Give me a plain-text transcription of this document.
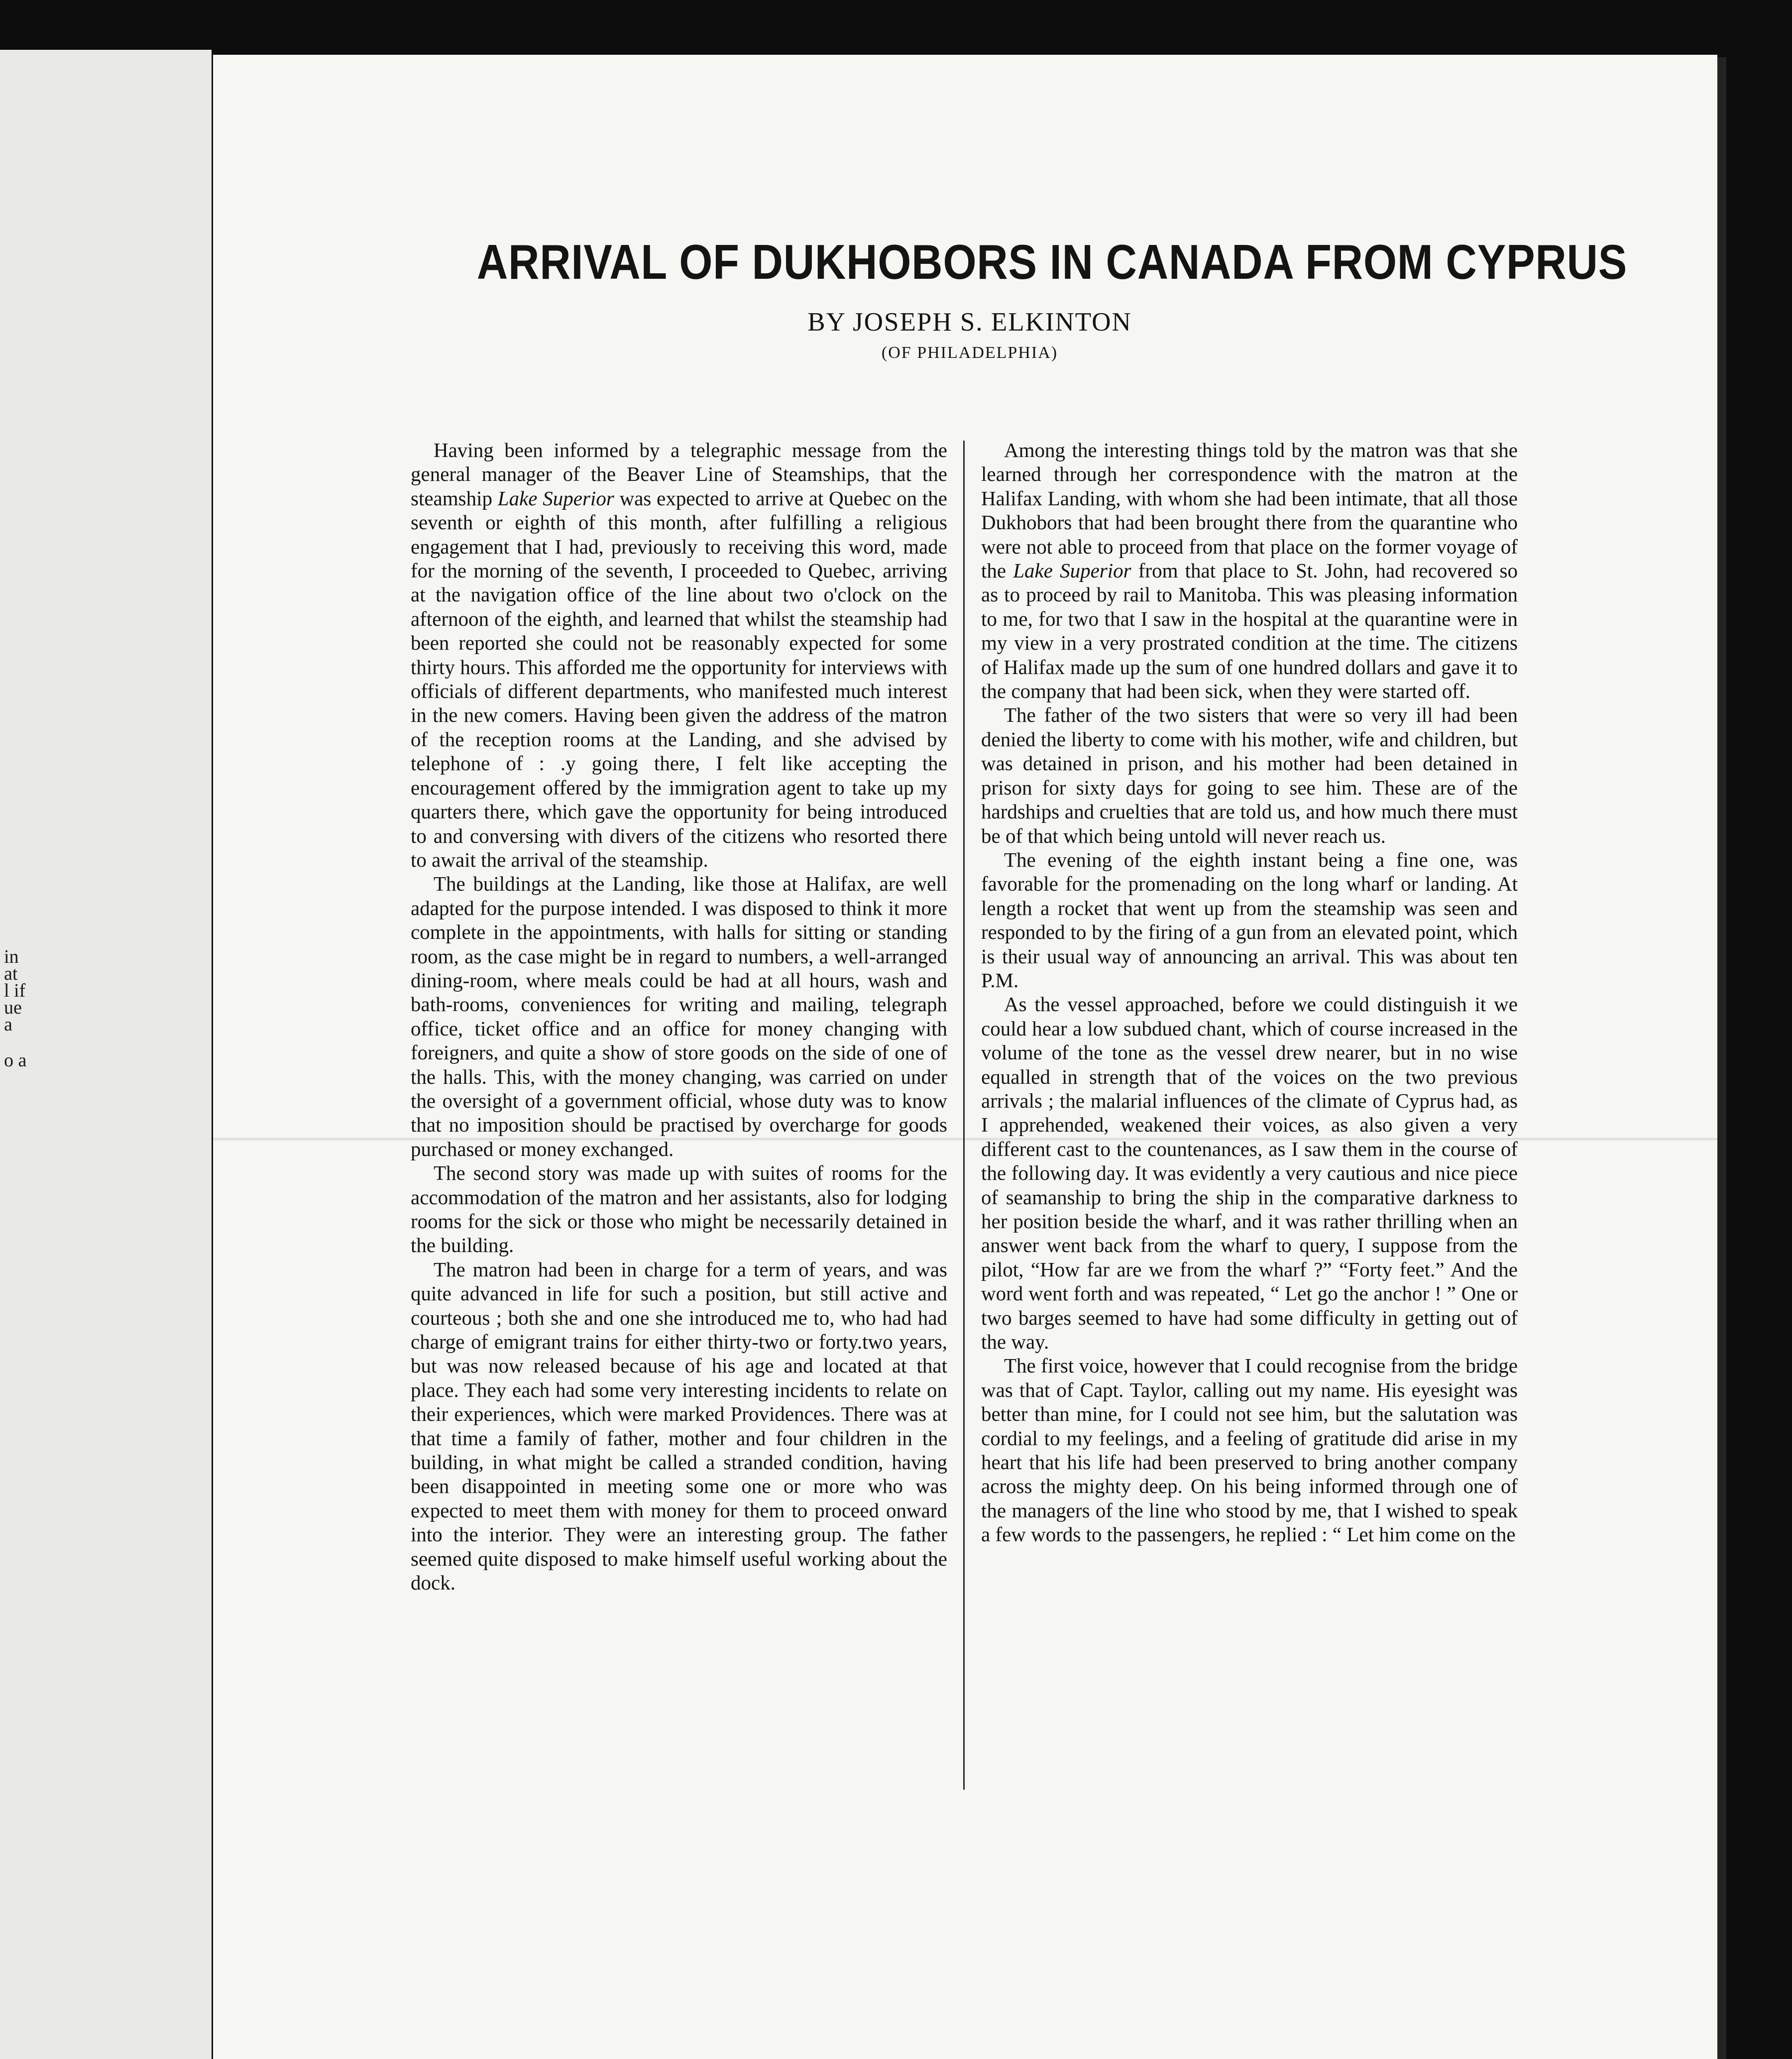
in
at
l if
ue
a

o a

ARRIVAL OF DUKHOBORS IN CANADA FROM CYPRUS

BY JOSEPH S. ELKINTON

(OF PHILADELPHIA)

Having been informed by a telegraphic message from the general manager of the Beaver Line of Steamships, that the steamship Lake Superior was expected to arrive at Quebec on the seventh or eighth of this month, after fulfilling a religious engagement that I had, previously to receiving this word, made for the morning of the seventh, I proceeded to Quebec, arriving at the navigation office of the line about two o'clock on the afternoon of the eighth, and learned that whilst the steamship had been reported she could not be reasonably expected for some thirty hours. This afforded me the opportunity for interviews with officials of different departments, who manifested much interest in the new comers. Having been given the address of the matron of the reception rooms at the Landing, and she advised by telephone of : .y going there, I felt like accepting the encouragement offered by the immigration agent to take up my quarters there, which gave the opportunity for being introduced to and conversing with divers of the citizens who resorted there to await the arrival of the steamship.

The buildings at the Landing, like those at Halifax, are well adapted for the purpose intended. I was disposed to think it more complete in the appointments, with halls for sitting or standing room, as the case might be in regard to numbers, a well-arranged dining-room, where meals could be had at all hours, wash and bath-rooms, conveniences for writing and mailing, telegraph office, ticket office and an office for money changing with foreigners, and quite a show of store goods on the side of one of the halls. This, with the money changing, was carried on under the oversight of a government official, whose duty was to know that no imposition should be practised by overcharge for goods purchased or money exchanged.

The second story was made up with suites of rooms for the accommodation of the matron and her assistants, also for lodging rooms for the sick or those who might be necessarily detained in the building.

The matron had been in charge for a term of years, and was quite advanced in life for such a position, but still active and courteous ; both she and one she introduced me to, who had had charge of emigrant trains for either thirty-two or forty.two years, but was now released because of his age and located at that place. They each had some very interesting incidents to relate on their experiences, which were marked Providences. There was at that time a family of father, mother and four children in the building, in what might be called a stranded condition, having been disappointed in meeting some one or more who was expected to meet them with money for them to proceed onward into the interior. They were an interesting group. The father seemed quite disposed to make himself useful working about the dock.

Among the interesting things told by the matron was that she learned through her correspondence with the matron at the Halifax Landing, with whom she had been intimate, that all those Dukhobors that had been brought there from the quarantine who were not able to proceed from that place on the former voyage of the Lake Superior from that place to St. John, had recovered so as to proceed by rail to Manitoba. This was pleasing information to me, for two that I saw in the hospital at the quarantine were in my view in a very prostrated condition at the time. The citizens of Halifax made up the sum of one hundred dollars and gave it to the company that had been sick, when they were started off.

The father of the two sisters that were so very ill had been denied the liberty to come with his mother, wife and children, but was detained in prison, and his mother had been detained in prison for sixty days for going to see him. These are of the hardships and cruelties that are told us, and how much there must be of that which being untold will never reach us.

The evening of the eighth instant being a fine one, was favorable for the promenading on the long wharf or landing. At length a rocket that went up from the steamship was seen and responded to by the firing of a gun from an elevated point, which is their usual way of announcing an arrival. This was about ten P.M.

As the vessel approached, before we could distinguish it we could hear a low subdued chant, which of course increased in the volume of the tone as the vessel drew nearer, but in no wise equalled in strength that of the voices on the two previous arrivals ; the malarial influences of the climate of Cyprus had, as I apprehended, weakened their voices, as also given a very different cast to the countenances, as I saw them in the course of the following day. It was evidently a very cautious and nice piece of seamanship to bring the ship in the comparative darkness to her position beside the wharf, and it was rather thrilling when an answer went back from the wharf to query, I suppose from the pilot, “How far are we from the wharf ?” “Forty feet.” And the word went forth and was repeated, “ Let go the anchor ! ” One or two barges seemed to have had some difficulty in getting out of the way.

The first voice, however that I could recognise from the bridge was that of Capt. Taylor, calling out my name. His eyesight was better than mine, for I could not see him, but the salutation was cordial to my feelings, and a feeling of gratitude did arise in my heart that his life had been preserved to bring another company across the mighty deep. On his being informed through one of the managers of the line who stood by me, that I wished to speak a few words to the passengers, he replied : “ Let him come on the
